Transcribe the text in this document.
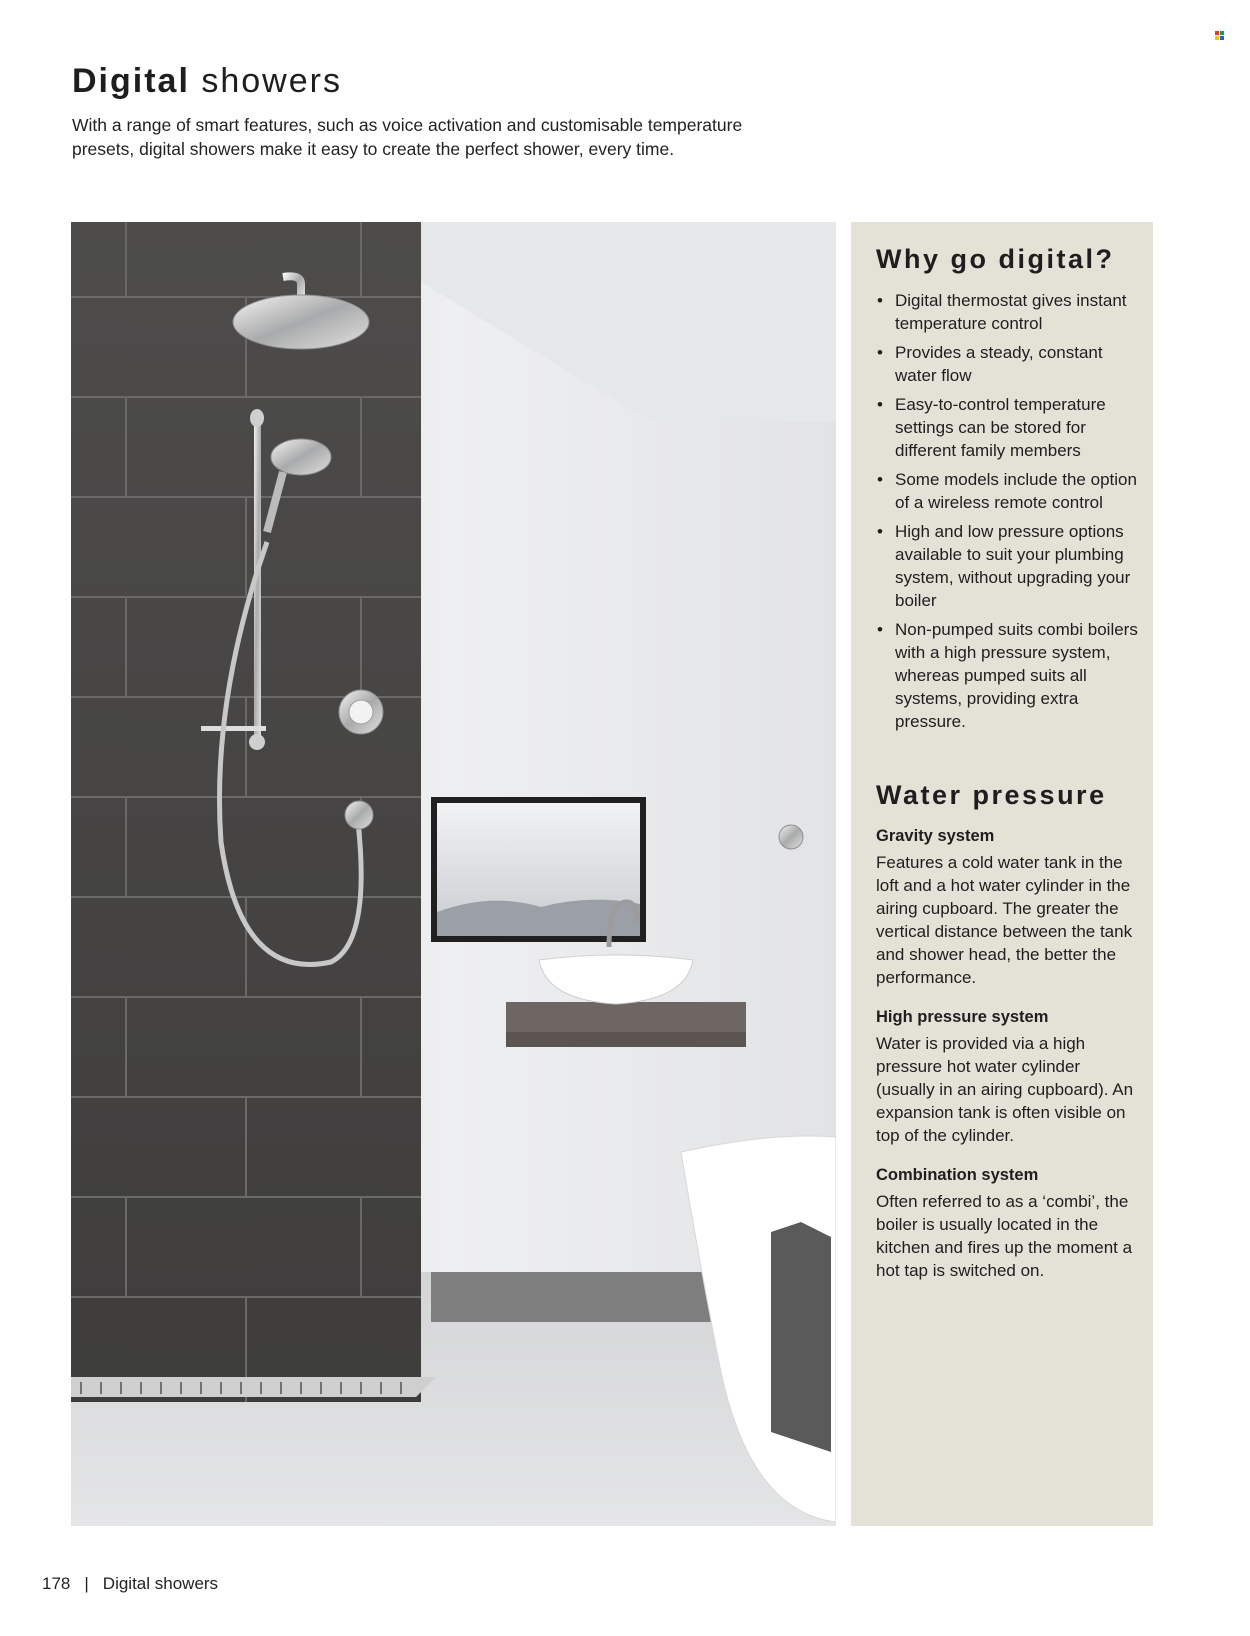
Digital showers

With a range of smart features, such as voice activation and customisable temperature presets, digital showers make it easy to create the perfect shower, every time.

Why go digital?
• Digital thermostat gives instant temperature control
• Provides a steady, constant water flow
• Easy-to-control temperature settings can be stored for different family members
• Some models include the option of a wireless remote control
• High and low pressure options available to suit your plumbing system, without upgrading your boiler
• Non-pumped suits combi boilers with a high pressure system, whereas pumped suits all systems, providing extra pressure.
Water pressure
Gravity system

Features a cold water tank in the loft and a hot water cylinder in the airing cupboard. The greater the vertical distance between the tank and shower head, the better the performance.

High pressure system

Water is provided via a high pressure hot water cylinder (usually in an airing cupboard). An expansion tank is often visible on top of the cylinder.

Combination system

Often referred to as a ‘combi’, the boiler is usually located in the kitchen and fires up the moment a hot tap is switched on.

178 | Digital showers
